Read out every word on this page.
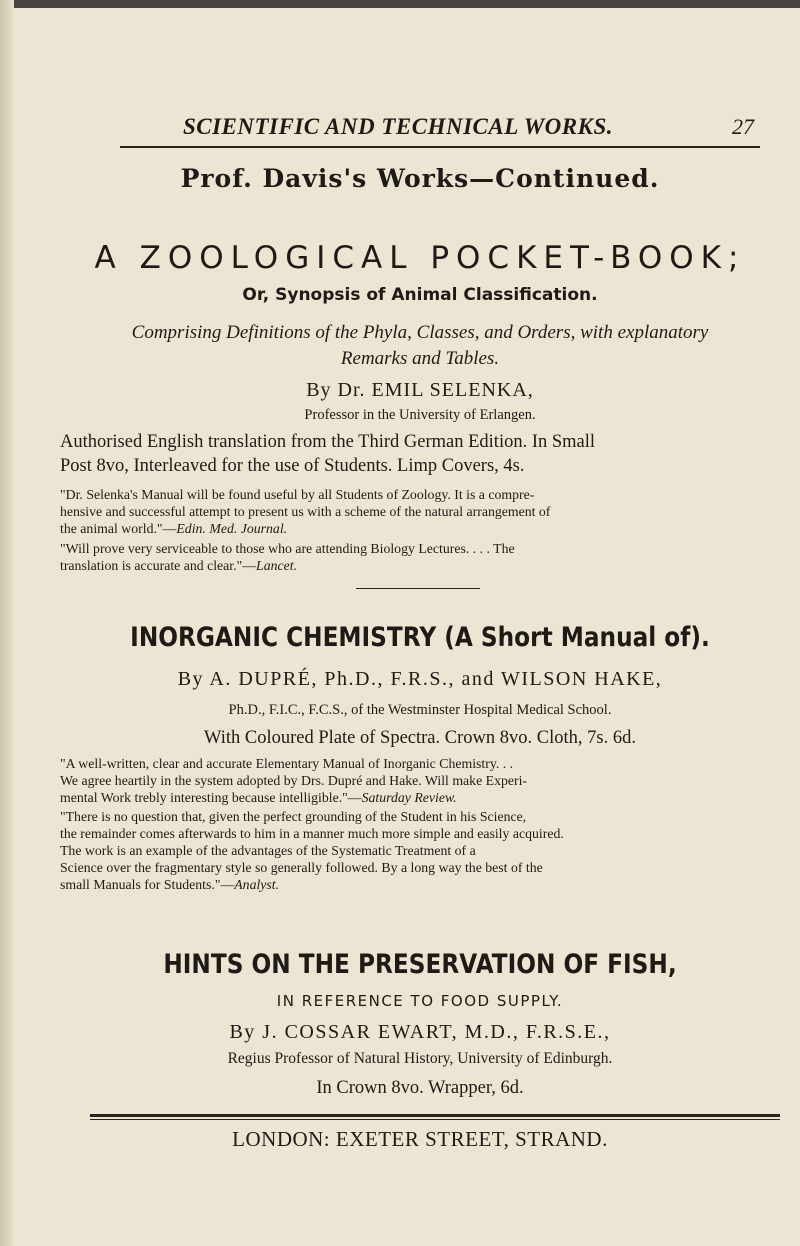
SCIENTIFIC AND TECHNICAL WORKS.	27
Prof. Davis's Works—Continued.
A ZOOLOGICAL POCKET-BOOK;
Or, Synopsis of Animal Classification.
Comprising Definitions of the Phyla, Classes, and Orders, with explanatory
Remarks and Tables.
By Dr. EMIL SELENKA,
Professor in the University of Erlangen.
Authorised English translation from the Third German Edition. In Small
Post 8vo, Interleaved for the use of Students. Limp Covers, 4s.
"Dr. Selenka's Manual will be found useful by all Students of Zoology. It is a compre-
hensive and successful attempt to present us with a scheme of the natural arrangement of
the animal world."—Edin. Med. Journal.
"Will prove very serviceable to those who are attending Biology Lectures. . . . The
translation is accurate and clear."—Lancet.
INORGANIC CHEMISTRY (A Short Manual of).
By A. DUPRÉ, Ph.D., F.R.S., and WILSON HAKE,
Ph.D., F.I.C., F.C.S., of the Westminster Hospital Medical School.
With Coloured Plate of Spectra. Crown 8vo. Cloth, 7s. 6d.
"A well-written, clear and accurate Elementary Manual of Inorganic Chemistry. . .
We agree heartily in the system adopted by Drs. Dupré and Hake. Will make Experi-
mental Work trebly interesting because intelligible."—Saturday Review.
"There is no question that, given the perfect grounding of the Student in his Science,
the remainder comes afterwards to him in a manner much more simple and easily acquired.
The work is an example of the advantages of the Systematic Treatment of a
Science over the fragmentary style so generally followed. By a long way the best of the
small Manuals for Students."—Analyst.
HINTS ON THE PRESERVATION OF FISH,
IN REFERENCE TO FOOD SUPPLY.
By J. COSSAR EWART, M.D., F.R.S.E.,
Regius Professor of Natural History, University of Edinburgh.
In Crown 8vo. Wrapper, 6d.
LONDON: EXETER STREET, STRAND.
